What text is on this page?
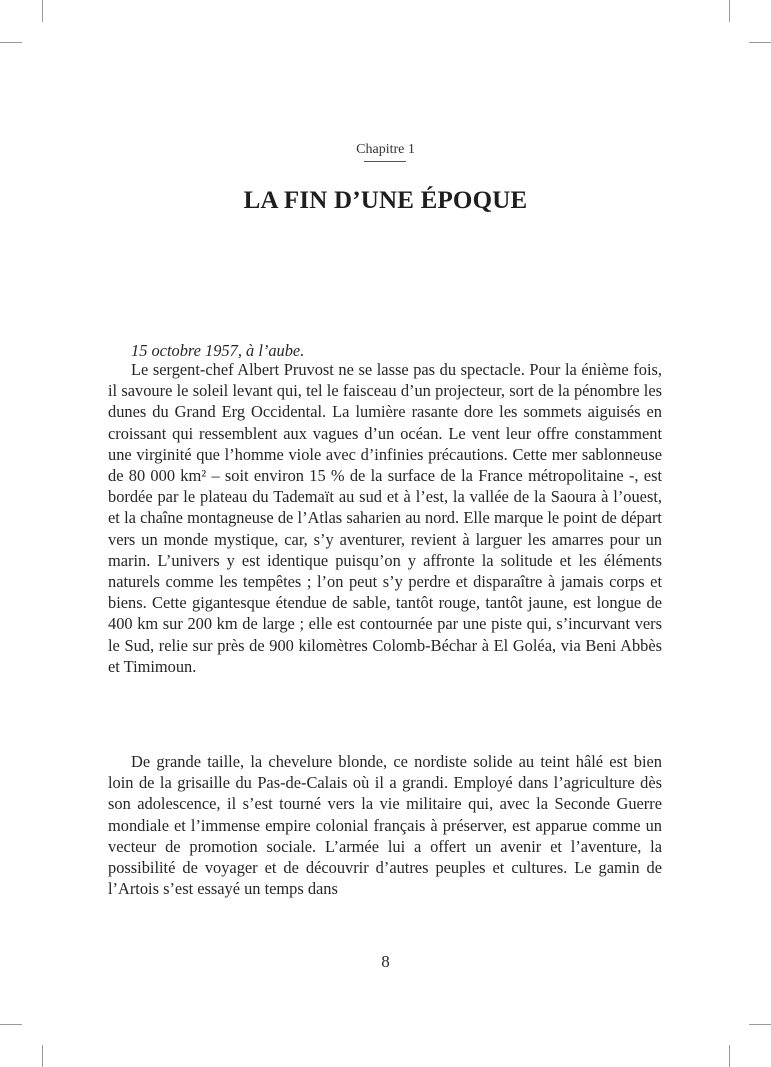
Chapitre 1
LA FIN D’UNE ÉPOQUE
15 octobre 1957, à l’aube.

Le sergent-chef Albert Pruvost ne se lasse pas du spectacle. Pour la énième fois, il savoure le soleil levant qui, tel le faisceau d’un projecteur, sort de la pénombre les dunes du Grand Erg Occidental. La lumière rasante dore les sommets aiguisés en croissant qui ressemblent aux vagues d’un océan. Le vent leur offre constamment une virginité que l’homme viole avec d’infinies précautions. Cette mer sablonneuse de 80 000 km² – soit environ 15 % de la surface de la France métropolitaine -, est bordée par le plateau du Tademaït au sud et à l’est, la vallée de la Saoura à l’ouest, et la chaîne montagneuse de l’Atlas saharien au nord. Elle marque le point de départ vers un monde mystique, car, s’y aventurer, revient à larguer les amarres pour un marin. L’univers y est identique puisqu’on y affronte la solitude et les éléments naturels comme les tempêtes ; l’on peut s’y perdre et disparaître à jamais corps et biens. Cette gigantesque étendue de sable, tantôt rouge, tantôt jaune, est longue de 400 km sur 200 km de large ; elle est contournée par une piste qui, s’incurvant vers le Sud, relie sur près de 900 kilomètres Colomb-Béchar à El Goléa, via Beni Abbès et Timimoun.

De grande taille, la chevelure blonde, ce nordiste solide au teint hâlé est bien loin de la grisaille du Pas-de-Calais où il a grandi. Employé dans l’agriculture dès son adolescence, il s’est tourné vers la vie militaire qui, avec la Seconde Guerre mondiale et l’immense empire colonial français à préserver, est apparue comme un vecteur de promotion sociale. L’armée lui a offert un avenir et l’aventure, la possibilité de voyager et de découvrir d’autres peuples et cultures. Le gamin de l’Artois s’est essayé un temps dans

8
